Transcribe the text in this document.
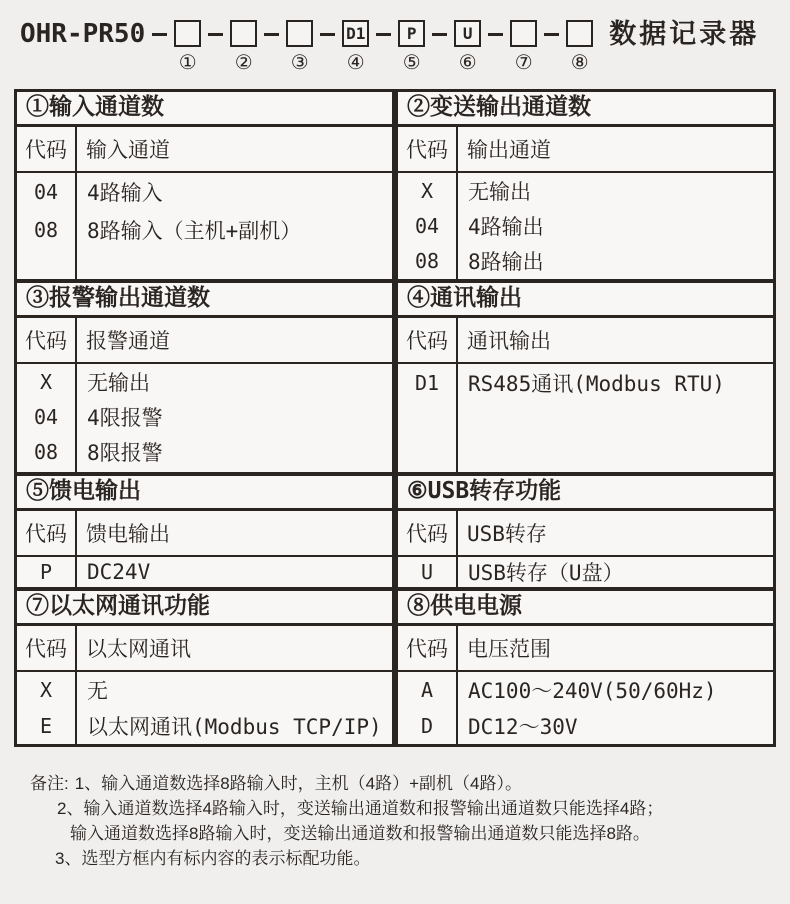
OHR-PR50
① ② ③
D1
④
P
⑤
U
⑥ ⑦ ⑧
数据记录器
①输入通道数
代码 输入通道
04	4路输入
08	8路输入（主机+副机）
②变送输出通道数
代码 输出通道
X	无输出
04	4路输出
08	8路输出
③报警输出通道数
代码 报警通道
X	无输出
04	4限报警
08	8限报警
④通讯输出
代码 通讯输出
D1	RS485通讯(Modbus RTU)
⑤馈电输出
代码 馈电输出
P	DC24V
⑥USB转存功能
代码 USB转存
U	USB转存（U盘）
⑦以太网通讯功能
代码 以太网通讯
X	无
E	以太网通讯(Modbus TCP/IP)
⑧供电电源
代码 电压范围
A	AC100～240V(50/60Hz)
D	DC12～30V
备注: 1、输入通道数选择8路输入时，主机（4路）+副机（4路）。
2、输入通道数选择4路输入时，变送输出通道数和报警输出通道数只能选择4路；
输入通道数选择8路输入时，变送输出通道数和报警输出通道数只能选择8路。
3、选型方框内有标内容的表示标配功能。
